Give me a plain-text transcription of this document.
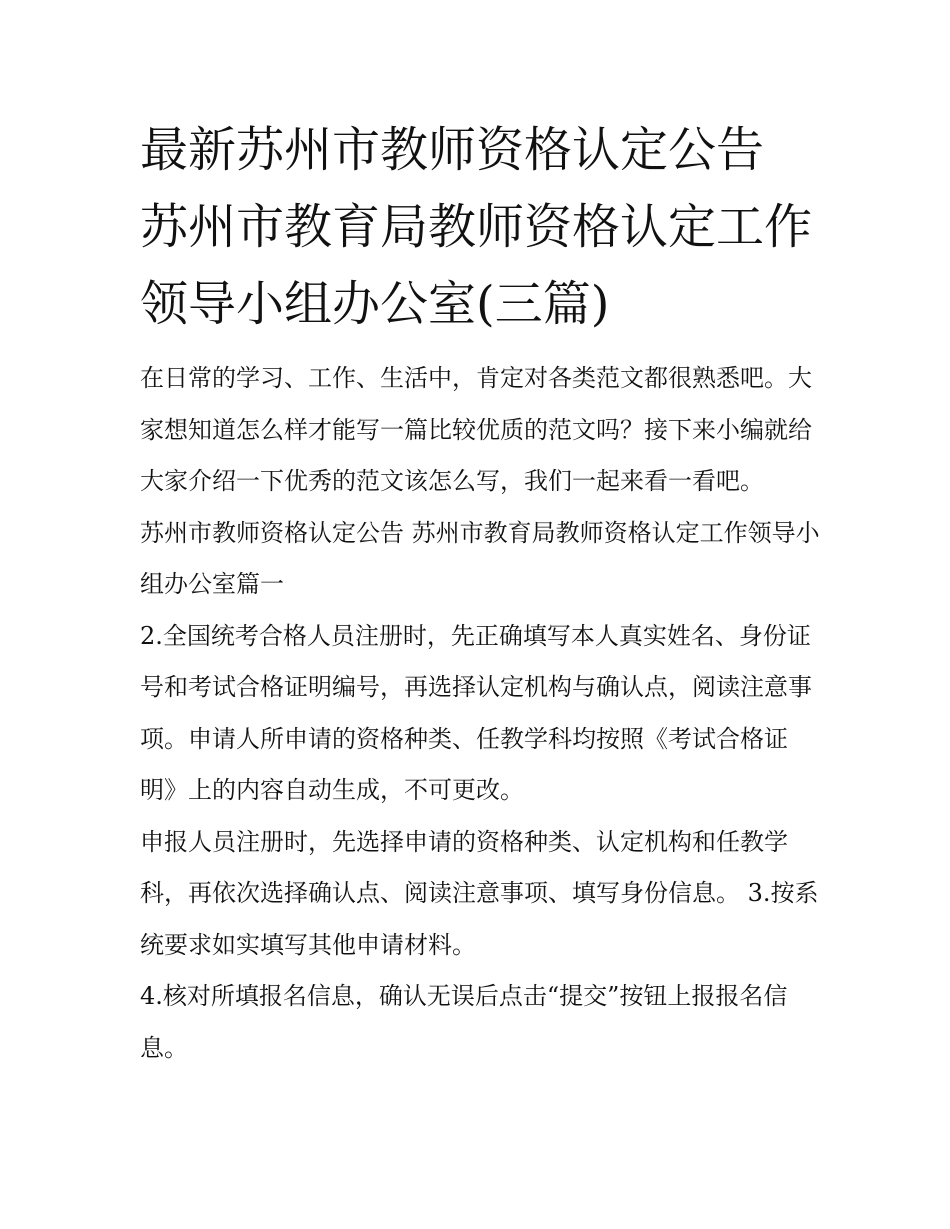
最新苏州市教师资格认定公告 苏州市教育局教师资格认定工作领导小组办公室(三篇)

在日常的学习、工作、生活中，肯定对各类范文都很熟悉吧。大家想知道怎么样才能写一篇比较优质的范文吗？接下来小编就给大家介绍一下优秀的范文该怎么写，我们一起来看一看吧。

苏州市教师资格认定公告 苏州市教育局教师资格认定工作领导小组办公室篇一

2.全国统考合格人员注册时，先正确填写本人真实姓名、身份证号和考试合格证明编号，再选择认定机构与确认点，阅读注意事项。申请人所申请的资格种类、任教学科均按照《考试合格证明》上的内容自动生成，不可更改。

申报人员注册时，先选择申请的资格种类、认定机构和任教学科，再依次选择确认点、阅读注意事项、填写身份信息。 3.按系统要求如实填写其他申请材料。

4.核对所填报名信息，确认无误后点击“提交”按钮上报报名信息。
